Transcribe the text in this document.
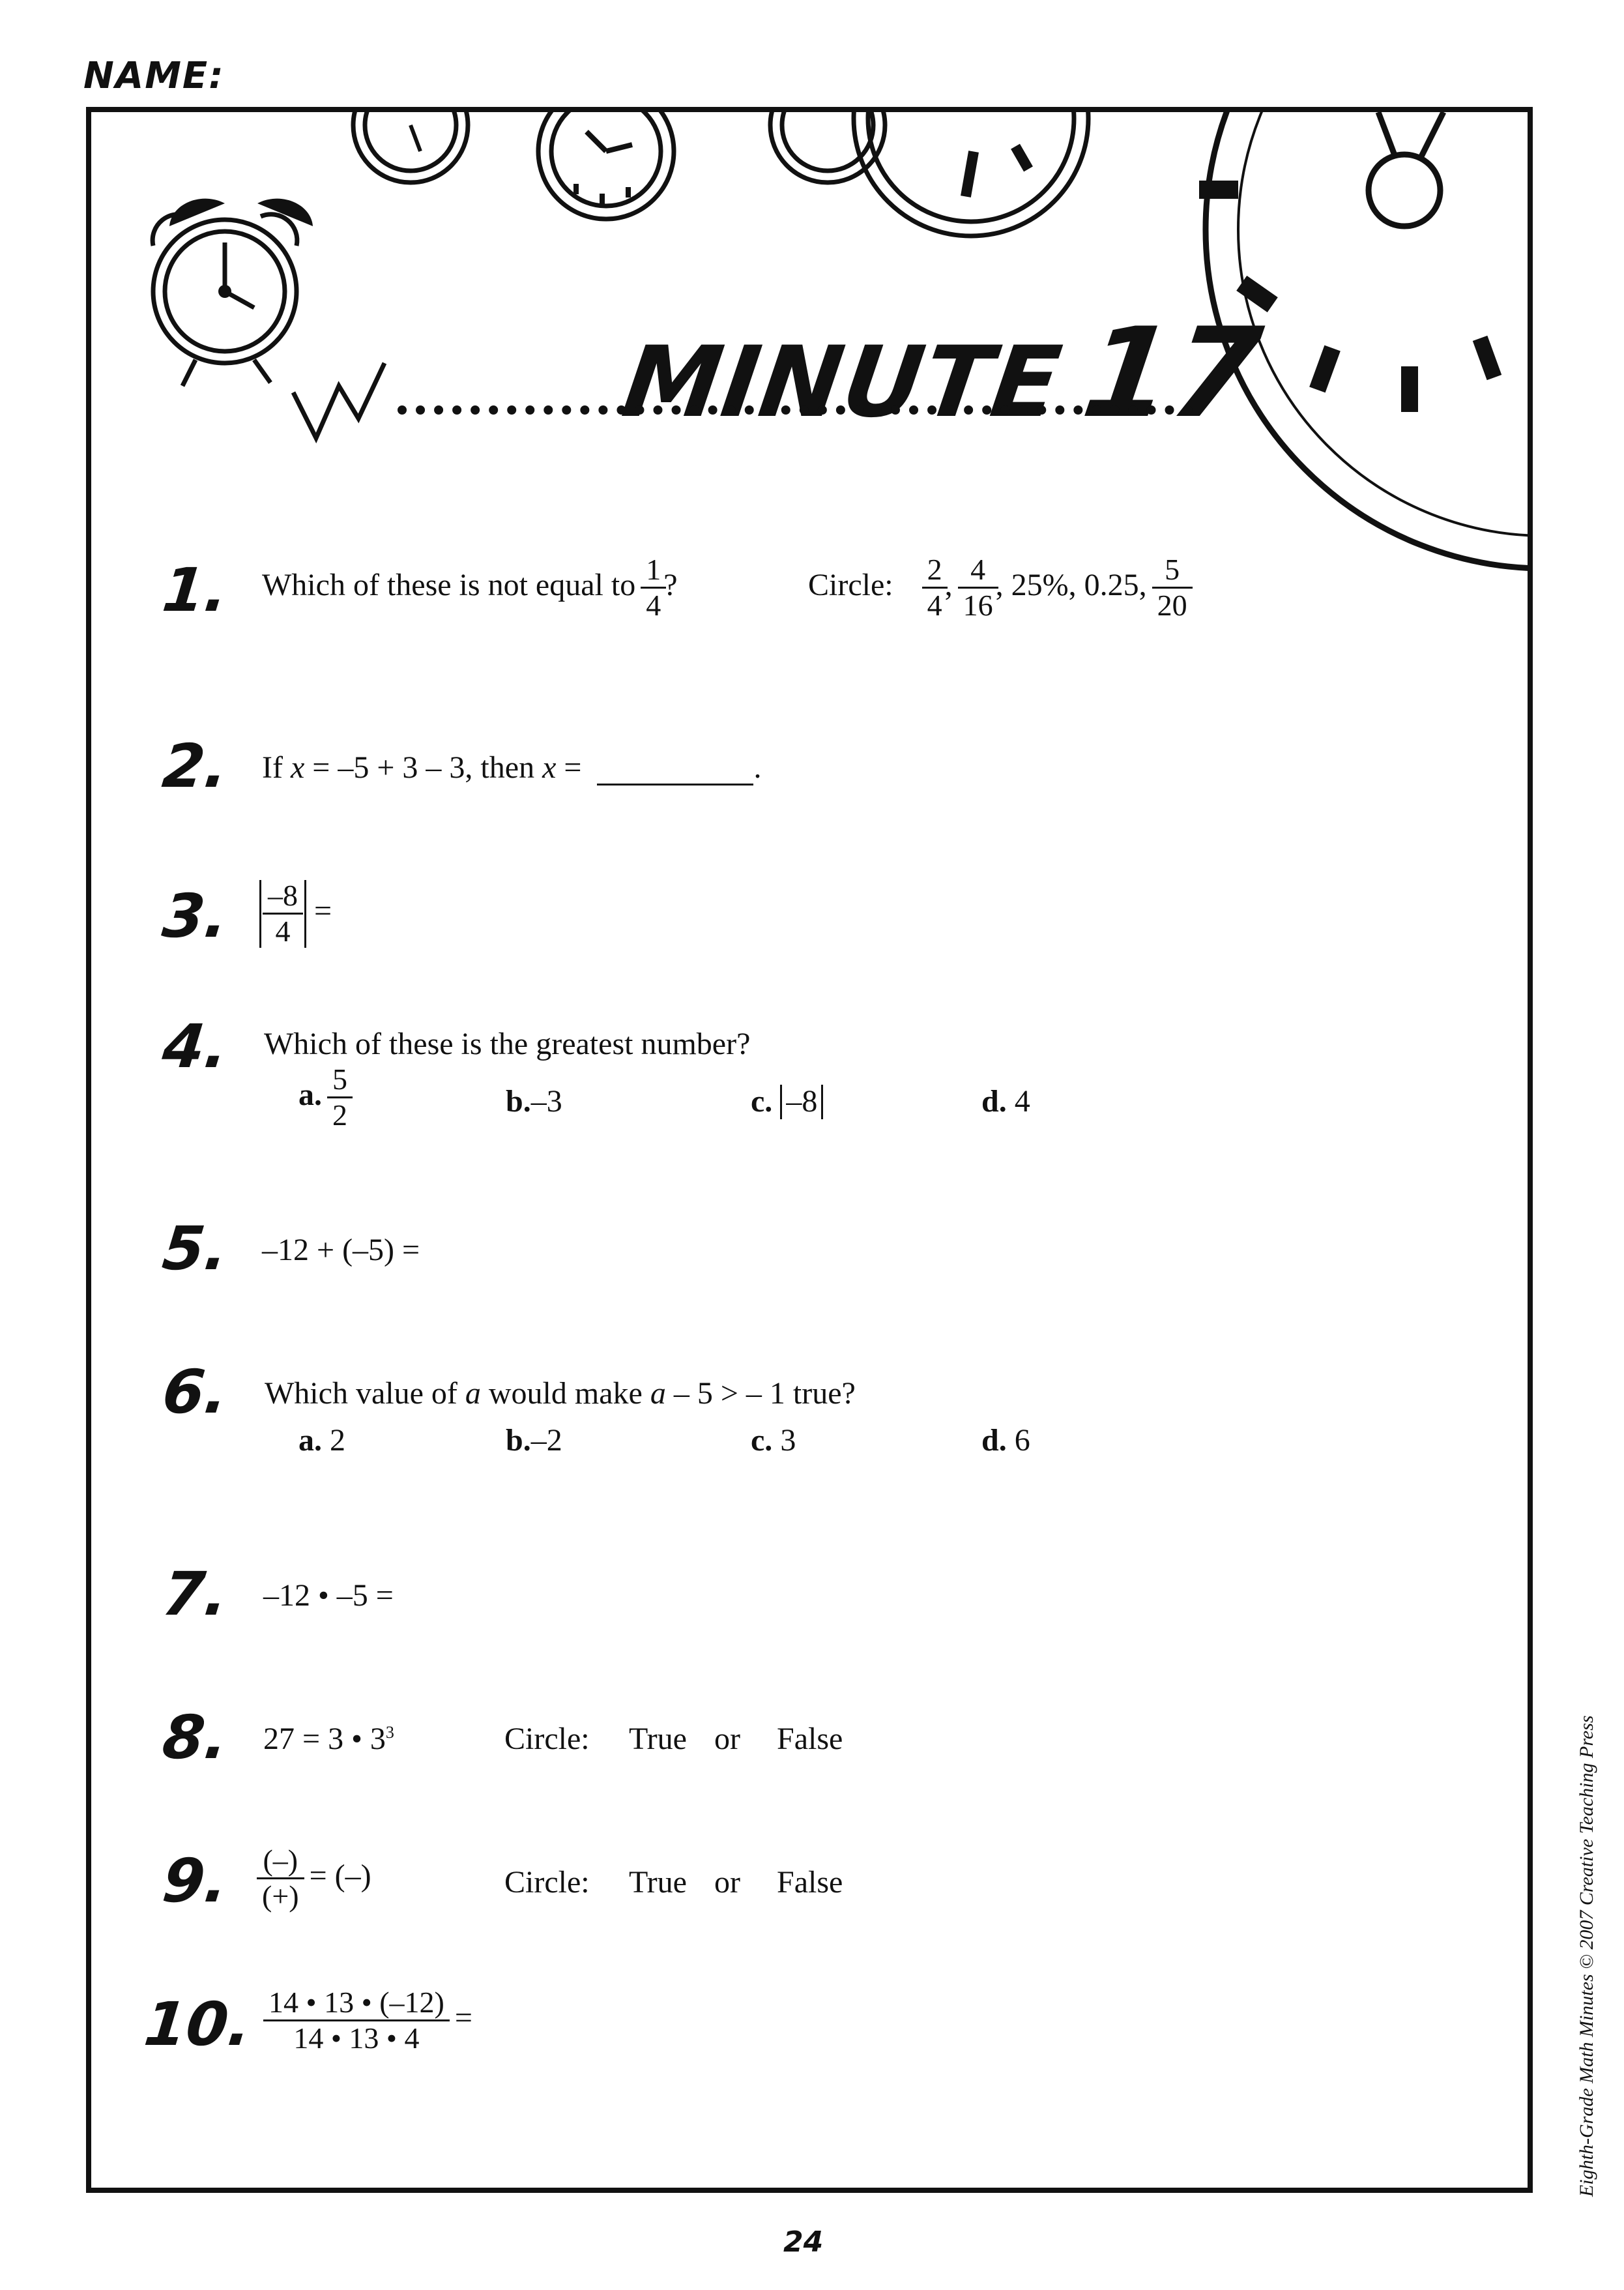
NAME:
MINUTE17
1. Which of these is not equal to $\frac{1}{4}$ ?	Circle: $\frac{2}{4}$ , $\frac{4}{16}$ , 25%, 0.25, $\frac{5}{20}$
2. If x = –5 + 3 – 3, then x =	.
3. $\frac{-8}{4}$ =
4. Which of these is the greatest number?
a. $\frac{5}{2}$	b.–3	c. –8	d. 4
5. –12 + (–5) =
6. Which value of a would make a – 5 > – 1 true?
a. 2	b.–2	c. 3	d. 6
7. –12 • –5 =
8. 27 = 3 • $3^3$	Circle: True or False
9. $\frac{(-)}{(+)}$ = (–)	Circle: True or False
10. $\frac{14 • 13 • (-12)}{14 • 13 • 4}$ =
24
Eighth-Grade Math Minutes © 2007 Creative Teaching Press
